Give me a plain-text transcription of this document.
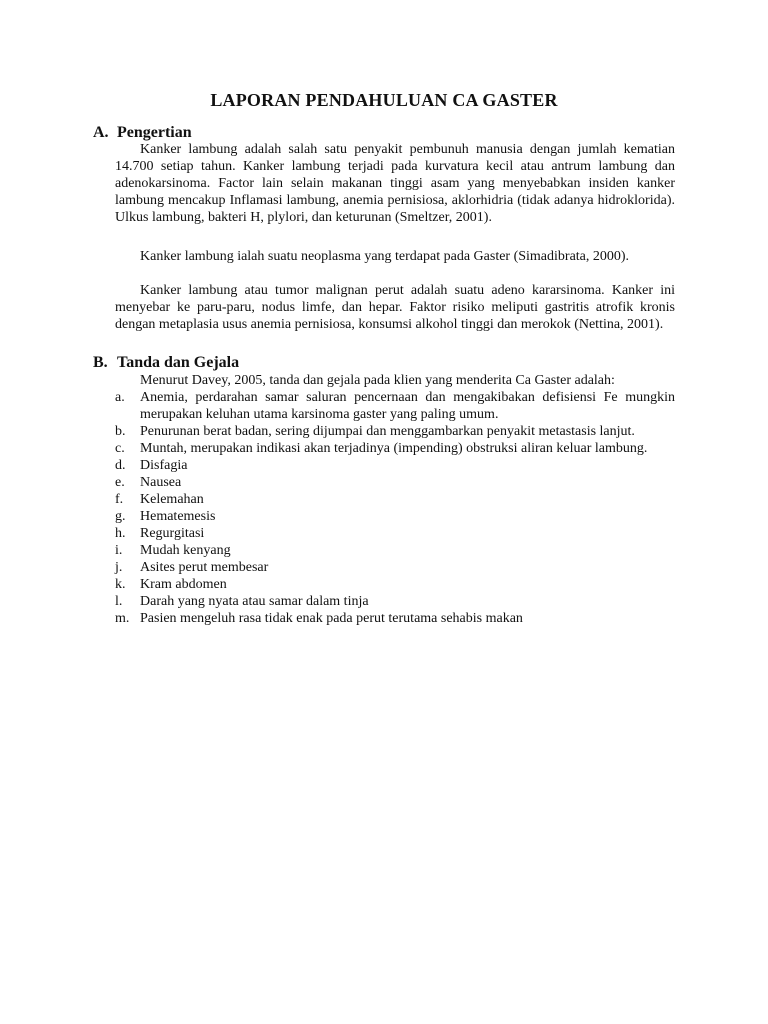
LAPORAN PENDAHULUAN CA GASTER
A. Pengertian

Kanker lambung adalah salah satu penyakit pembunuh manusia dengan jumlah kematian 14.700 setiap tahun. Kanker lambung terjadi pada kurvatura kecil atau antrum lambung dan adenokarsinoma. Factor lain selain makanan tinggi asam yang menyebabkan insiden kanker lambung mencakup Inflamasi lambung, anemia pernisiosa, aklorhidria (tidak adanya hidroklorida). Ulkus lambung, bakteri H, plylori, dan keturunan (Smeltzer, 2001).

Kanker lambung ialah suatu neoplasma yang terdapat pada Gaster (Simadibrata, 2000).

Kanker lambung atau tumor malignan perut adalah suatu adeno kararsinoma. Kanker ini menyebar ke paru-paru, nodus limfe, dan hepar. Faktor risiko meliputi gastritis atrofik kronis dengan metaplasia usus anemia pernisiosa, konsumsi alkohol tinggi dan merokok (Nettina, 2001).

B. Tanda dan Gejala

Menurut Davey, 2005, tanda dan gejala pada klien yang menderita Ca Gaster adalah:

a. Anemia, perdarahan samar saluran pencernaan dan mengakibakan defisiensi Fe mungkin merupakan keluhan utama karsinoma gaster yang paling umum.
b. Penurunan berat badan, sering dijumpai dan menggambarkan penyakit metastasis lanjut.
c. Muntah, merupakan indikasi akan terjadinya (impending) obstruksi aliran keluar lambung.
d. Disfagia
e. Nausea
f. Kelemahan
g. Hematemesis
h. Regurgitasi
i. Mudah kenyang
j. Asites perut membesar
k. Kram abdomen
l. Darah yang nyata atau samar dalam tinja
m. Pasien mengeluh rasa tidak enak pada perut terutama sehabis makan
